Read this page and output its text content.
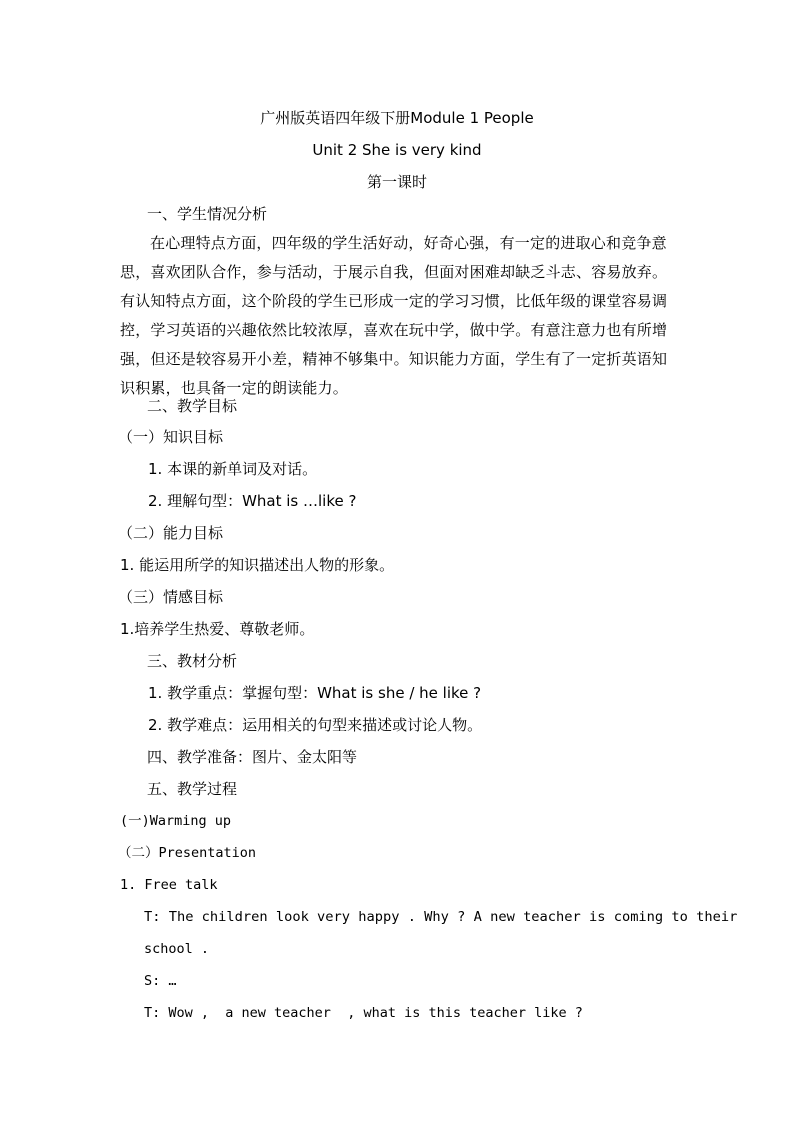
广州版英语四年级下册Module 1 People
Unit 2 She is very kind
第一课时
一、学生情况分析
在心理特点方面，四年级的学生活好动，好奇心强，有一定的进取心和竞争意思，喜欢团队合作，参与活动，于展示自我，但面对困难却缺乏斗志、容易放弃。有认知特点方面，这个阶段的学生已形成一定的学习习惯，比低年级的课堂容易调控，学习英语的兴趣依然比较浓厚，喜欢在玩中学，做中学。有意注意力也有所增强，但还是较容易开小差，精神不够集中。知识能力方面，学生有了一定折英语知识积累，也具备一定的朗读能力。
二、教学目标
（一）知识目标
1. 本课的新单词及对话。
2. 理解句型：What is …like ?
（二）能力目标
1. 能运用所学的知识描述出人物的形象。
（三）情感目标
1.培养学生热爱、尊敬老师。
三、教材分析
1. 教学重点：掌握句型：What is she / he like ?
2. 教学难点：运用相关的句型来描述或讨论人物。
四、教学准备：图片、金太阳等
五、教学过程
(一)Warming up
（二）Presentation
1. Free talk
T: The children look very happy . Why ? A new teacher is coming to their
school .
S: …
T: Wow ,  a new teacher  , what is this teacher like ?
